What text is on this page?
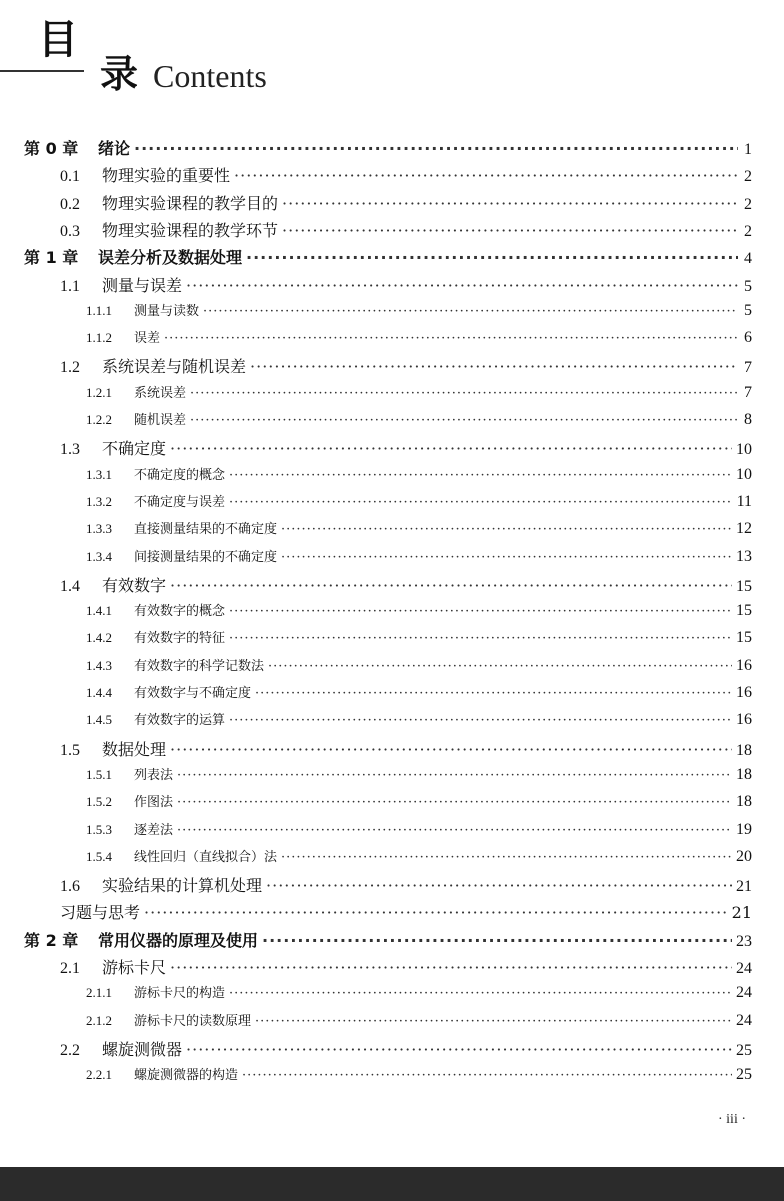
目
录 Contents
第 0 章	绪论 ·····	1
0.1	物理实验的重要性 ·····	2
0.2	物理实验课程的教学目的 ·····	2
0.3	物理实验课程的教学环节 ·····	2
第 1 章	误差分析及数据处理 ·····	4
1.1	测量与误差 ·····	5
1.1.1	测量与读数 ·····	5
1.1.2	误差 ·····	6
1.2	系统误差与随机误差 ·····	7
1.2.1	系统误差 ·····	7
1.2.2	随机误差 ·····	8
1.3	不确定度 ·····	10
1.3.1	不确定度的概念 ·····	10
1.3.2	不确定度与误差 ·····	11
1.3.3	直接测量结果的不确定度 ·····	12
1.3.4	间接测量结果的不确定度 ·····	13
1.4	有效数字 ·····	15
1.4.1	有效数字的概念 ·····	15
1.4.2	有效数字的特征 ·····	15
1.4.3	有效数字的科学记数法 ·····	16
1.4.4	有效数字与不确定度 ·····	16
1.4.5	有效数字的运算 ·····	16
1.5	数据处理 ·····	18
1.5.1	列表法 ·····	18
1.5.2	作图法 ·····	18
1.5.3	逐差法 ·····	19
1.5.4	线性回归（直线拟合）法 ·····	20
1.6	实验结果的计算机处理 ·····	21
习题与思考 ·····	21
第 2 章	常用仪器的原理及使用 ·····	23
2.1	游标卡尺 ·····	24
2.1.1	游标卡尺的构造 ·····	24
2.1.2	游标卡尺的读数原理 ·····	24
2.2	螺旋测微器 ·····	25
2.2.1	螺旋测微器的构造 ·····	25
· iii ·
